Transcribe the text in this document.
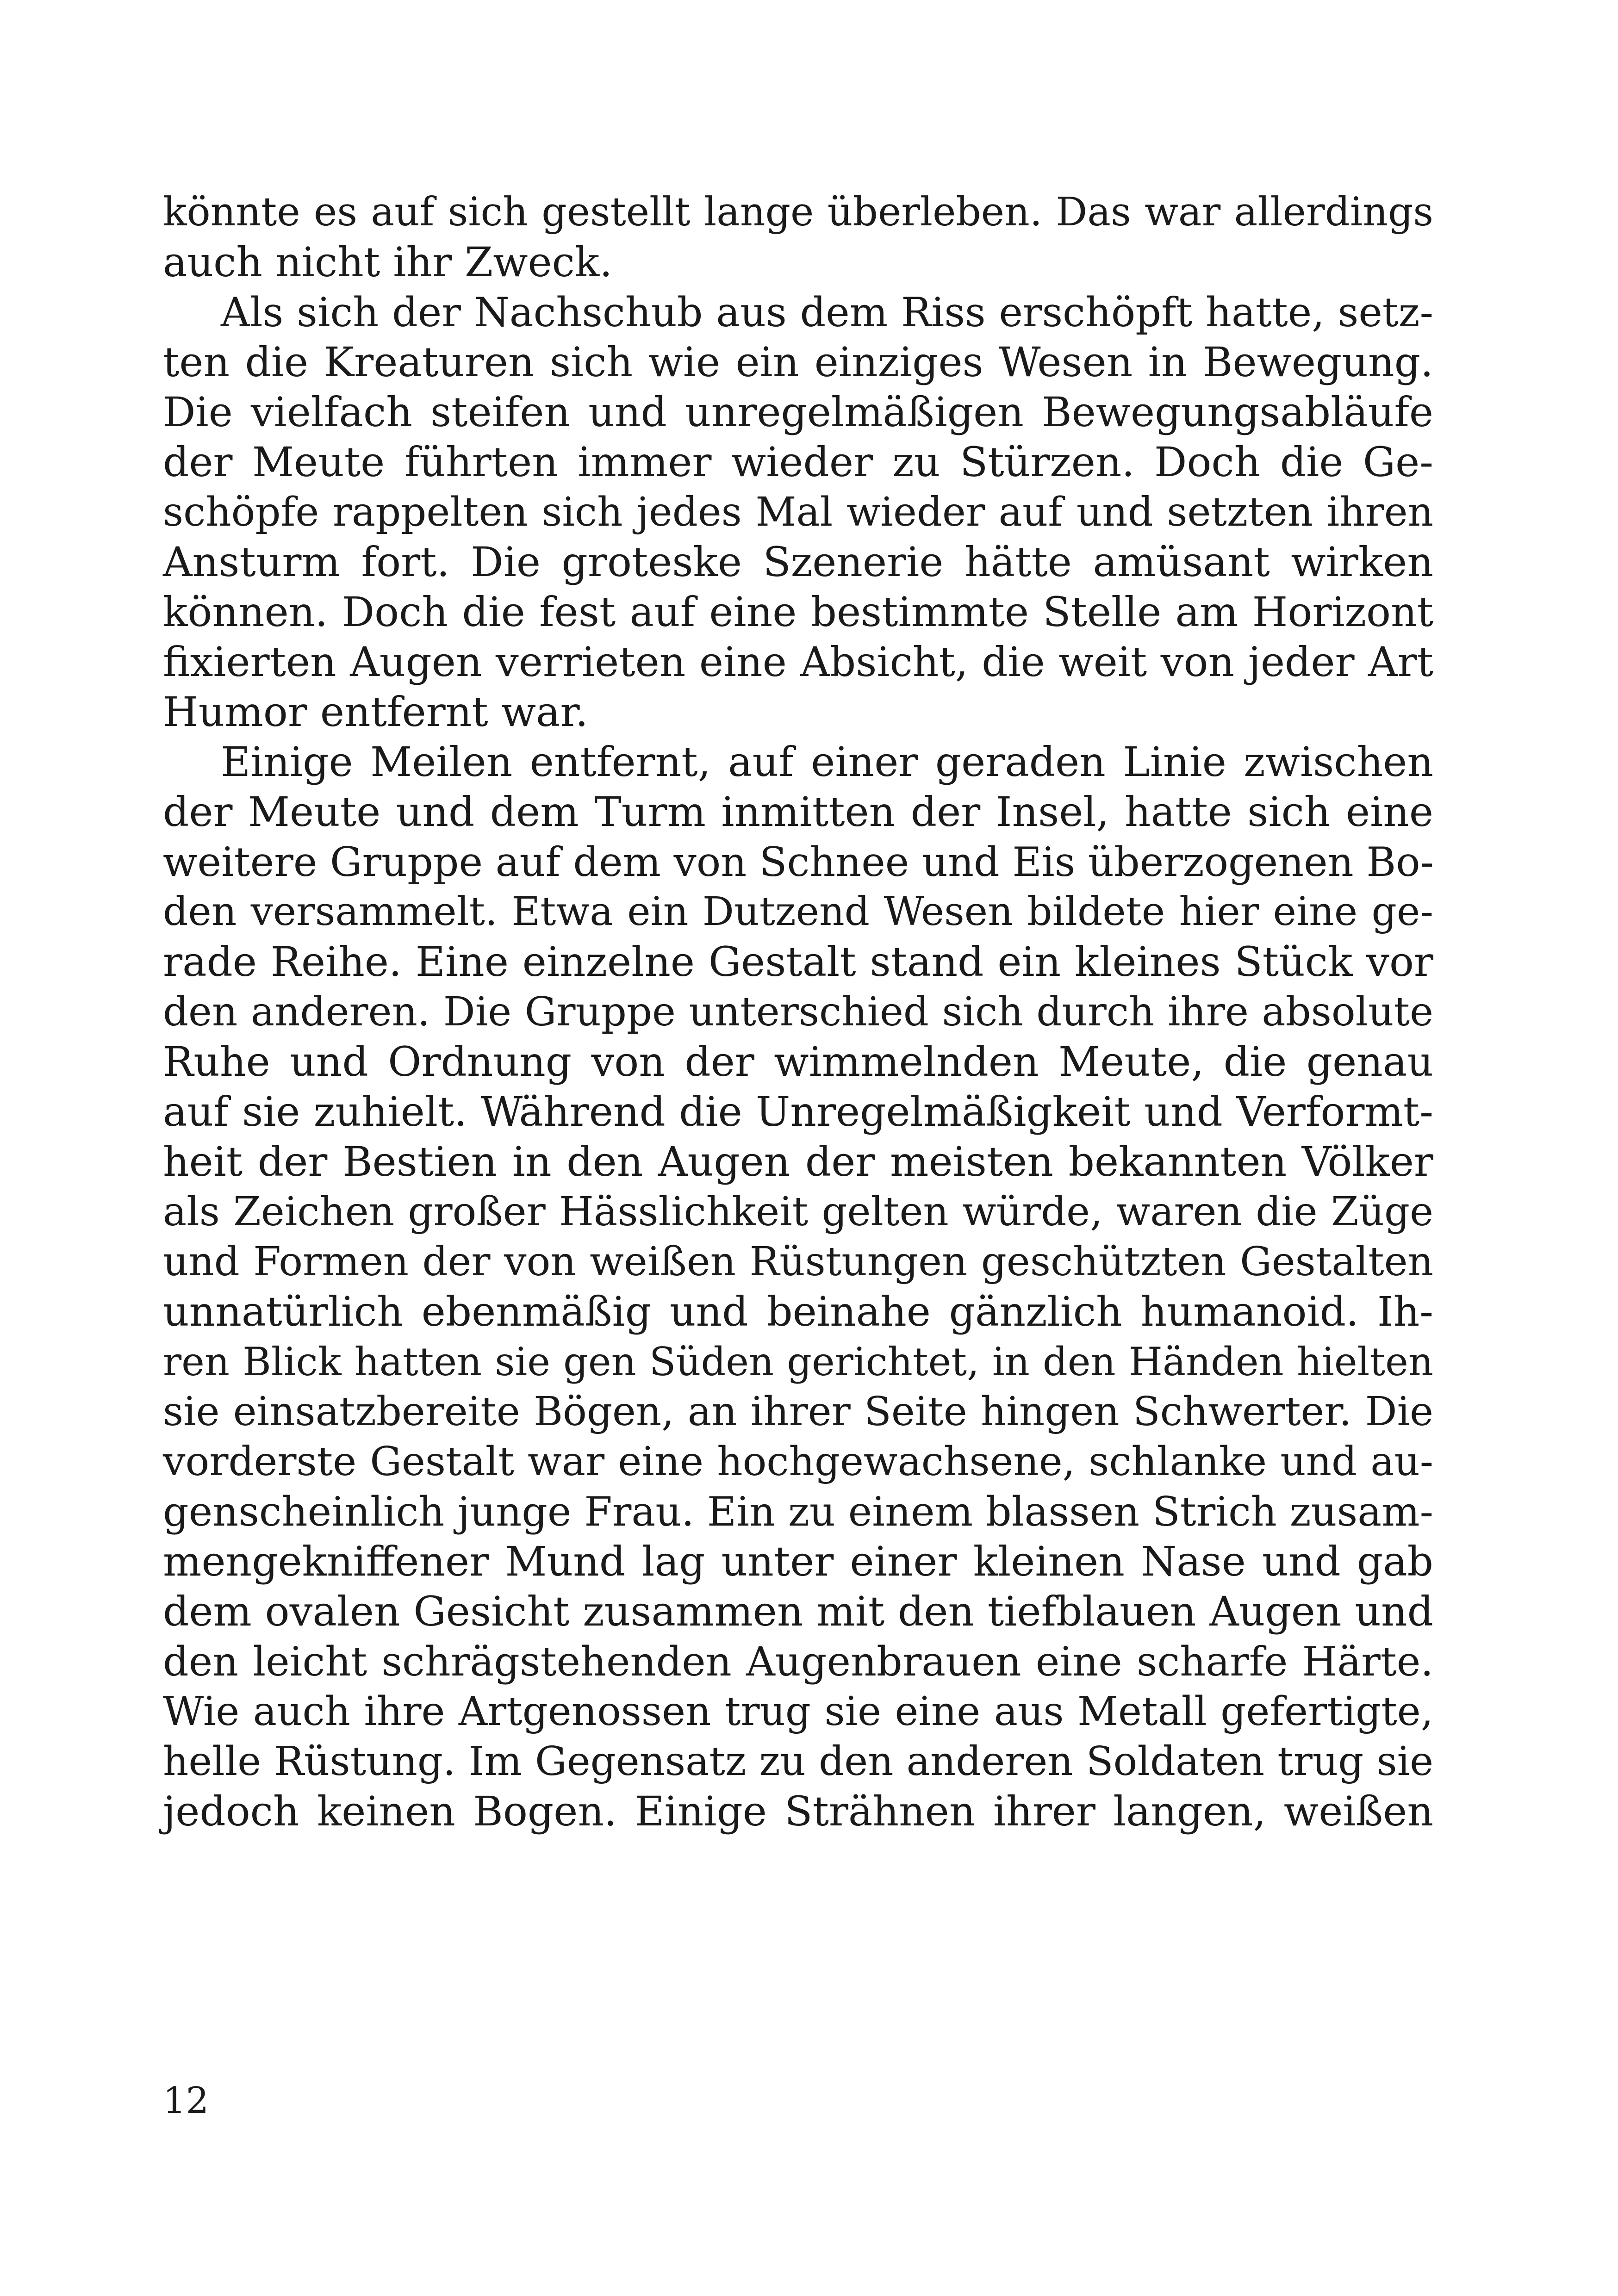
könnte es auf sich gestellt lange überleben. Das war allerdings
auch nicht ihr Zweck.
Als sich der Nachschub aus dem Riss erschöpft hatte, setz-
ten die Kreaturen sich wie ein einziges Wesen in Bewegung.
Die vielfach steifen und unregelmäßigen Bewegungsabläufe
der Meute führten immer wieder zu Stürzen. Doch die Ge-
schöpfe rappelten sich jedes Mal wieder auf und setzten ihren
Ansturm fort. Die groteske Szenerie hätte amüsant wirken
können. Doch die fest auf eine bestimmte Stelle am Horizont
fixierten Augen verrieten eine Absicht, die weit von jeder Art
Humor entfernt war.
Einige Meilen entfernt, auf einer geraden Linie zwischen
der Meute und dem Turm inmitten der Insel, hatte sich eine
weitere Gruppe auf dem von Schnee und Eis überzogenen Bo-
den versammelt. Etwa ein Dutzend Wesen bildete hier eine ge-
rade Reihe. Eine einzelne Gestalt stand ein kleines Stück vor
den anderen. Die Gruppe unterschied sich durch ihre absolute
Ruhe und Ordnung von der wimmelnden Meute, die genau
auf sie zuhielt. Während die Unregelmäßigkeit und Verformt-
heit der Bestien in den Augen der meisten bekannten Völker
als Zeichen großer Hässlichkeit gelten würde, waren die Züge
und Formen der von weißen Rüstungen geschützten Gestalten
unnatürlich ebenmäßig und beinahe gänzlich humanoid. Ih-
ren Blick hatten sie gen Süden gerichtet, in den Händen hielten
sie einsatzbereite Bögen, an ihrer Seite hingen Schwerter. Die
vorderste Gestalt war eine hochgewachsene, schlanke und au-
genscheinlich junge Frau. Ein zu einem blassen Strich zusam-
mengekniffener Mund lag unter einer kleinen Nase und gab
dem ovalen Gesicht zusammen mit den tiefblauen Augen und
den leicht schrägstehenden Augenbrauen eine scharfe Härte.
Wie auch ihre Artgenossen trug sie eine aus Metall gefertigte,
helle Rüstung. Im Gegensatz zu den anderen Soldaten trug sie
jedoch keinen Bogen. Einige Strähnen ihrer langen, weißen
12
